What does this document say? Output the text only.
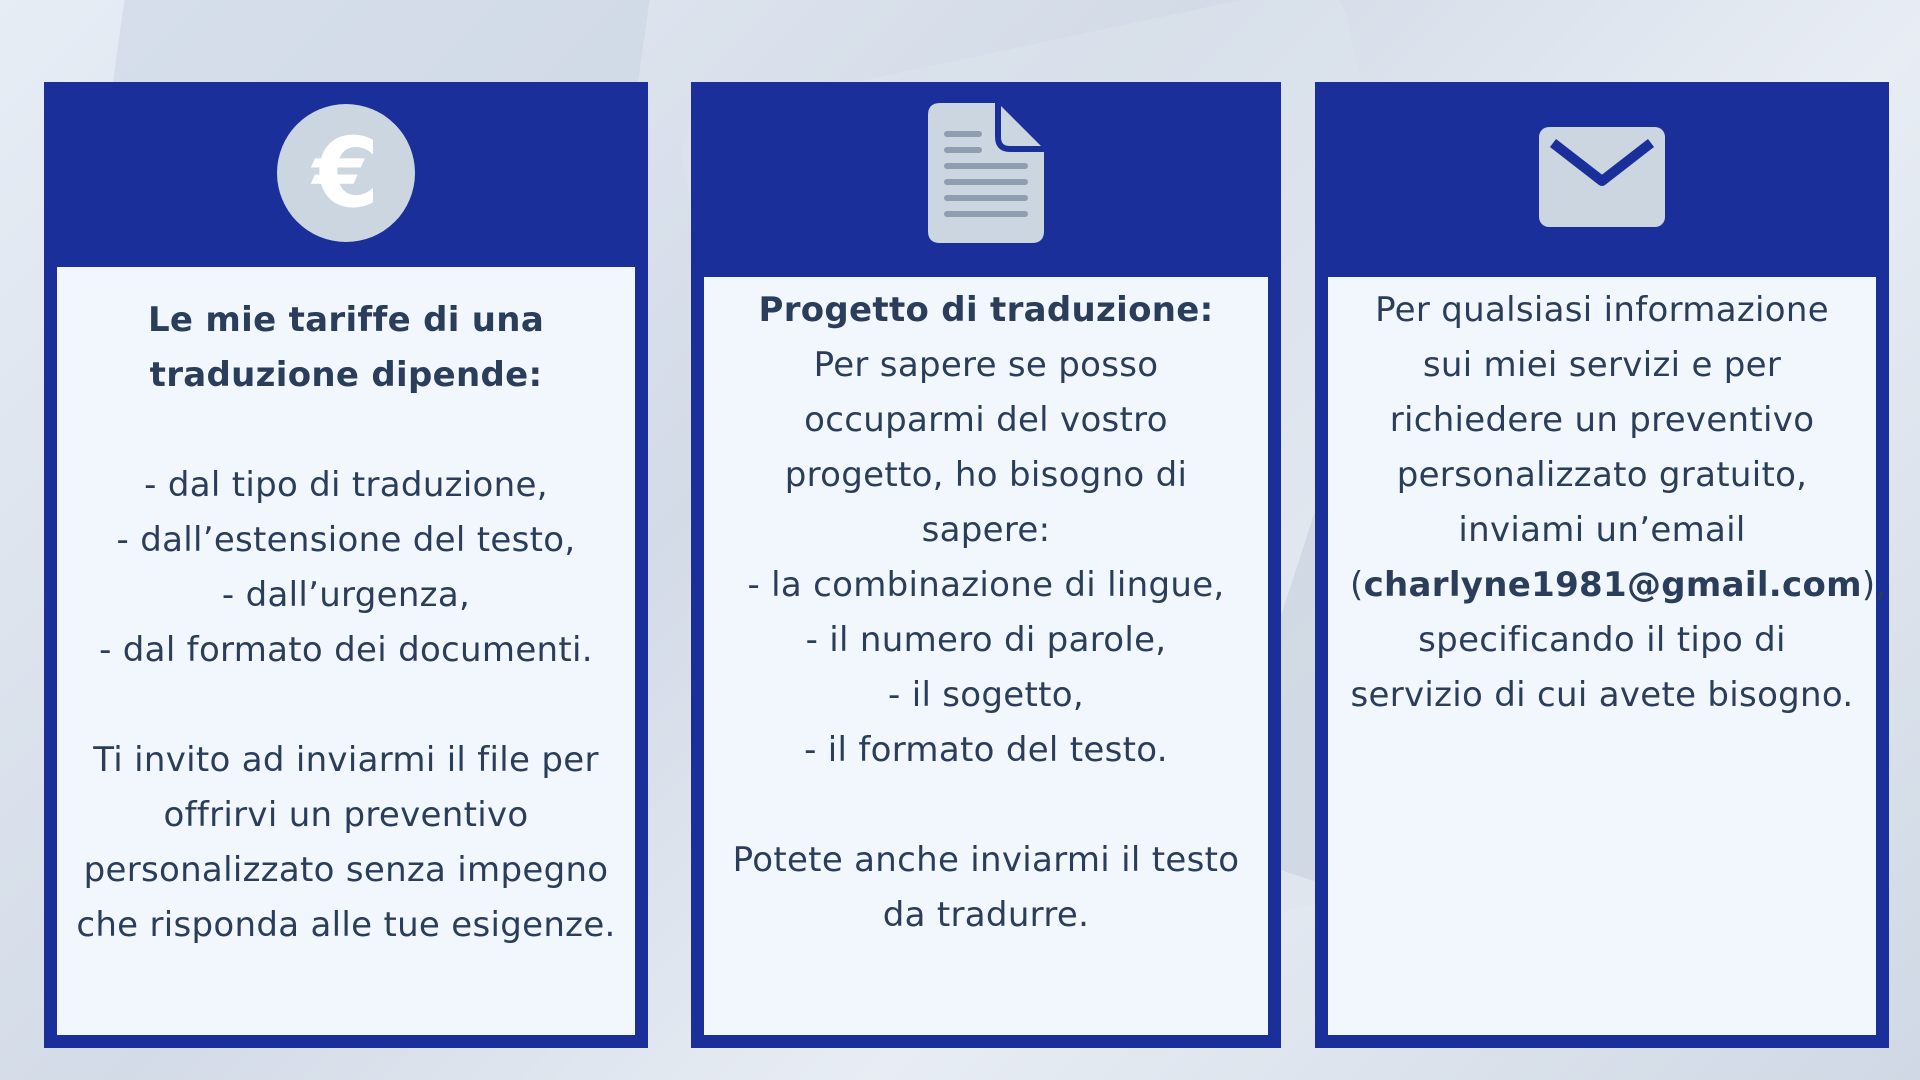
€
Le mie tariffe di una traduzione dipende:
- dal tipo di traduzione,
- dall’estensione del testo,
- dall’urgenza,
- dal formato dei documenti.
Ti invito ad inviarmi il file per offrirvi un preventivo personalizzato senza impegno che risponda alle tue esigenze.
Progetto di traduzione: Per sapere se posso occuparmi del vostro progetto, ho bisogno di sapere:
- la combinazione di lingue,
- il numero di parole,
- il sogetto,
- il formato del testo.
Potete anche inviarmi il testo da tradurre.
Per qualsiasi informazione sui miei servizi e per richiedere un preventivo personalizzato gratuito, inviami un’email (charlyne1981@gmail.com), specificando il tipo di servizio di cui avete bisogno.
